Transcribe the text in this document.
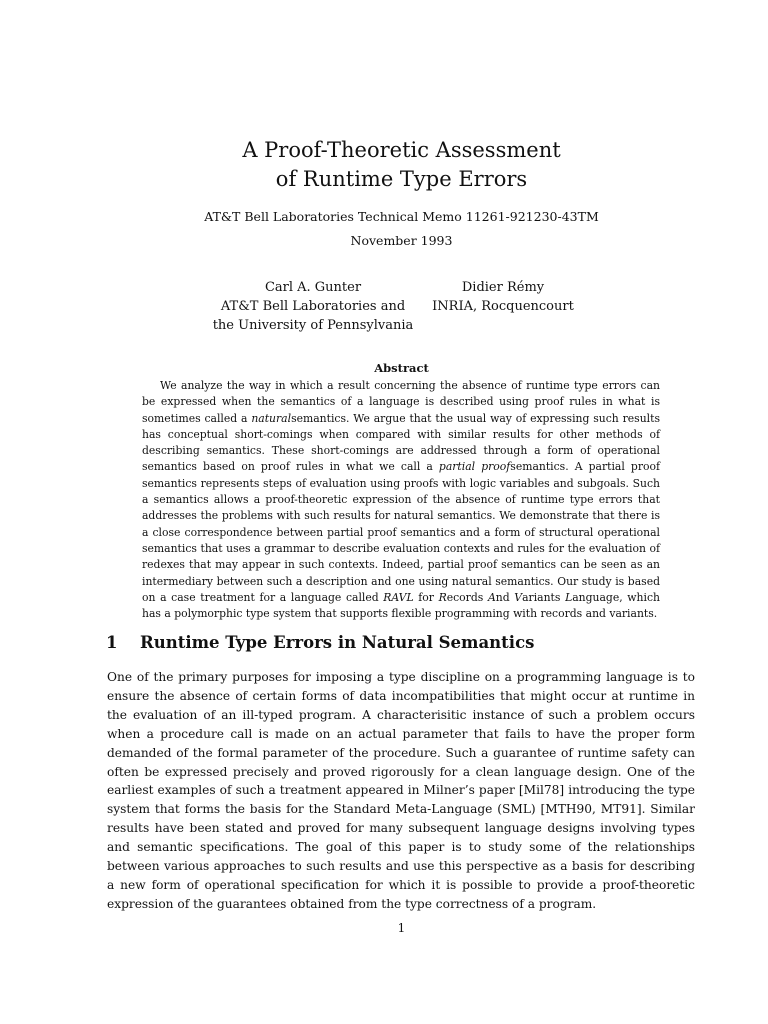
A Proof-Theoretic Assessment
of Runtime Type Errors

AT&T Bell Laboratories Technical Memo 11261-921230-43TM

November 1993

Carl A. Gunter
AT&T Bell Laboratories and
the University of Pennsylvania
Didier Rémy
INRIA, Rocquencourt

Abstract

We analyze the way in which a result concerning the absence of runtime type errors can be expressed when the semantics of a language is described using proof rules in what is sometimes called a naturalsemantics. We argue that the usual way of expressing such results has conceptual short-comings when compared with similar results for other methods of describing semantics. These short-comings are addressed through a form of operational semantics based on proof rules in what we call a partial proofsemantics. A partial proof semantics represents steps of evaluation using proofs with logic variables and subgoals. Such a semantics allows a proof-theoretic expression of the absence of runtime type errors that addresses the problems with such results for natural semantics. We demonstrate that there is a close correspondence between partial proof semantics and a form of structural operational semantics that uses a grammar to describe evaluation contexts and rules for the evaluation of redexes that may appear in such contexts. Indeed, partial proof semantics can be seen as an intermediary between such a description and one using natural semantics. Our study is based on a case treatment for a language called RAVL for Records And Variants Language, which has a polymorphic type system that supports flexible programming with records and variants.

1 Runtime Type Errors in Natural Semantics

One of the primary purposes for imposing a type discipline on a programming language is to ensure the absence of certain forms of data incompatibilities that might occur at runtime in the evaluation of an ill-typed program. A characterisitic instance of such a problem occurs when a procedure call is made on an actual parameter that fails to have the proper form demanded of the formal parameter of the procedure. Such a guarantee of runtime safety can often be expressed precisely and proved rigorously for a clean language design. One of the earliest examples of such a treatment appeared in Milner’s paper [Mil78] introducing the type system that forms the basis for the Standard Meta-Language (SML) [MTH90, MT91]. Similar results have been stated and proved for many subsequent language designs involving types and semantic specifications. The goal of this paper is to study some of the relationships between various approaches to such results and use this perspective as a basis for describing a new form of operational specification for which it is possible to provide a proof-theoretic expression of the guarantees obtained from the type correctness of a program.

1
